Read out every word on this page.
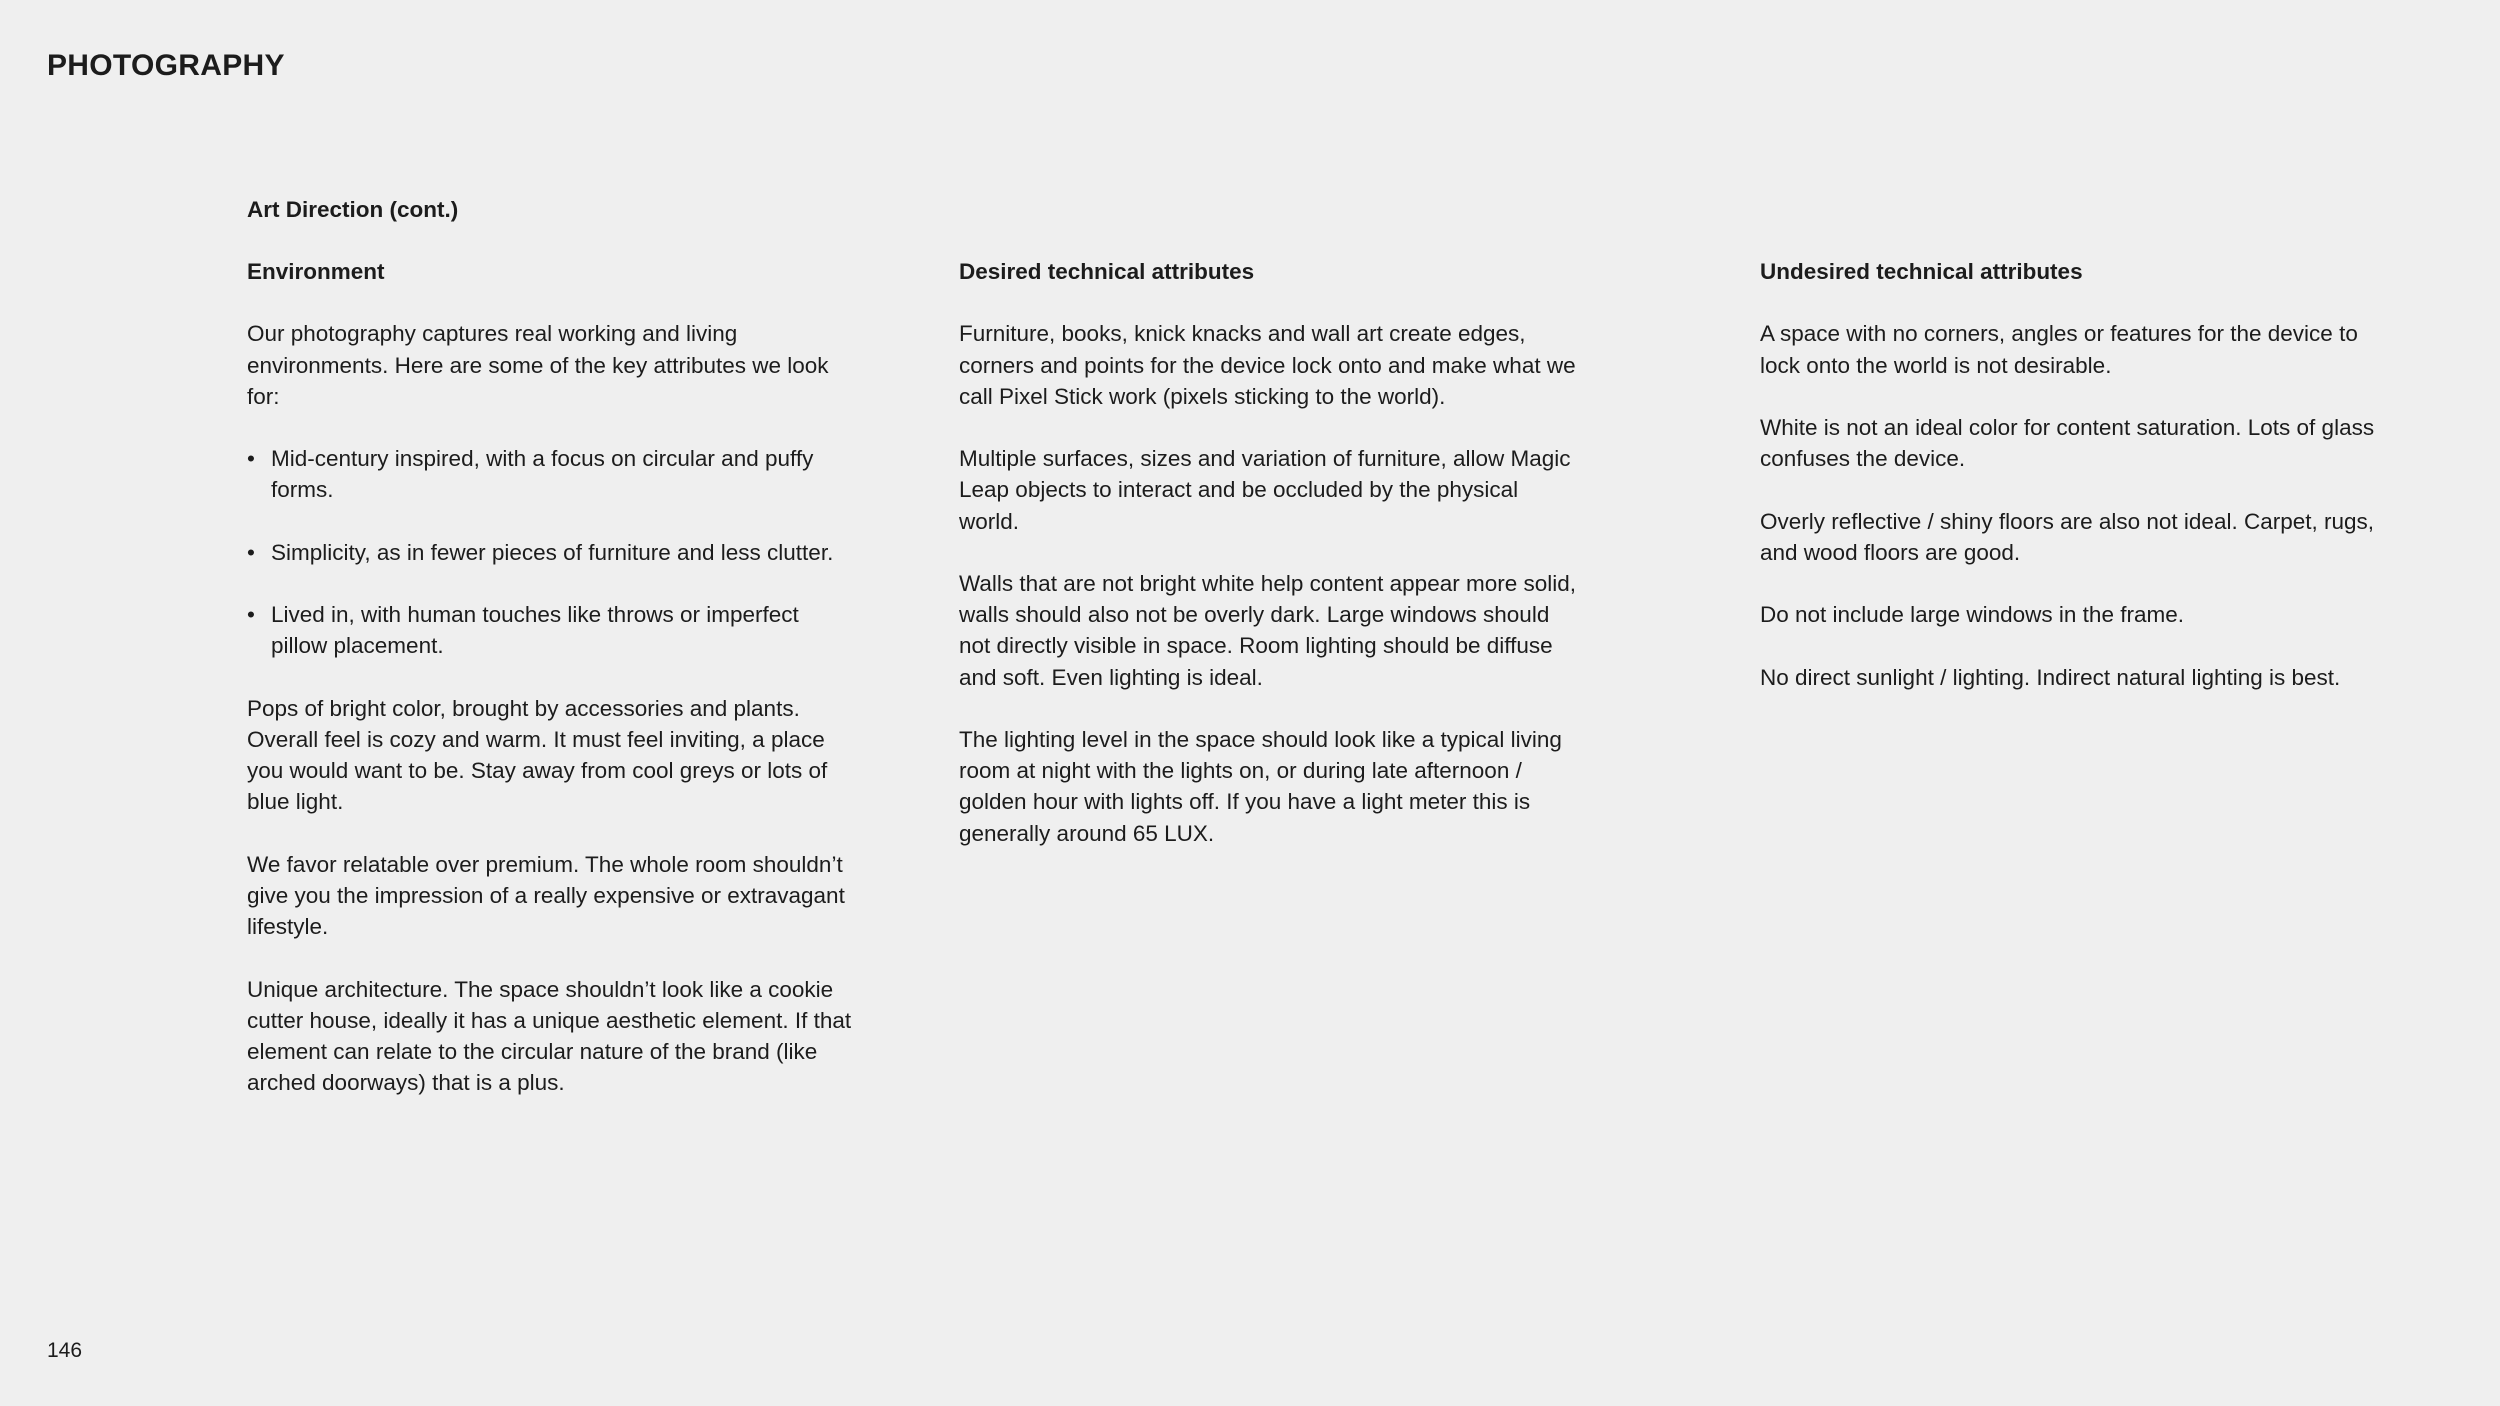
PHOTOGRAPHY
Art Direction (cont.)
Environment

Our photography captures real working and living environments. Here are some of the key attributes we look for:

• Mid-century inspired, with a focus on circular and puffy forms.
• Simplicity, as in fewer pieces of furniture and less clutter.
• Lived in, with human touches like throws or imperfect pillow placement.

Pops of bright color, brought by accessories and plants. Overall feel is cozy and warm. It must feel inviting, a place you would want to be. Stay away from cool greys or lots of blue light.

We favor relatable over premium. The whole room shouldn’t give you the impression of a really expensive or extravagant lifestyle.

Unique architecture. The space shouldn’t look like a cookie cutter house, ideally it has a unique aesthetic element. If that element can relate to the circular nature of the brand (like arched doorways) that is a plus.

Desired technical attributes

Furniture, books, knick knacks and wall art create edges, corners and points for the device lock onto and make what we call Pixel Stick work (pixels sticking to the world).

Multiple surfaces, sizes and variation of furniture, allow Magic Leap objects to interact and be occluded by the physical world.

Walls that are not bright white help content appear more solid, walls should also not be overly dark. Large windows should not directly visible in space. Room lighting should be diffuse and soft. Even lighting is ideal.

The lighting level in the space should look like a typical living room at night with the lights on, or during late afternoon / golden hour with lights off. If you have a light meter this is generally around 65 LUX.

Undesired technical attributes

A space with no corners, angles or features for the device to lock onto the world is not desirable.

White is not an ideal color for content saturation. Lots of glass confuses the device.

Overly reflective / shiny floors are also not ideal. Carpet, rugs, and wood floors are good.

Do not include large windows in the frame.

No direct sunlight / lighting. Indirect natural lighting is best.

146
